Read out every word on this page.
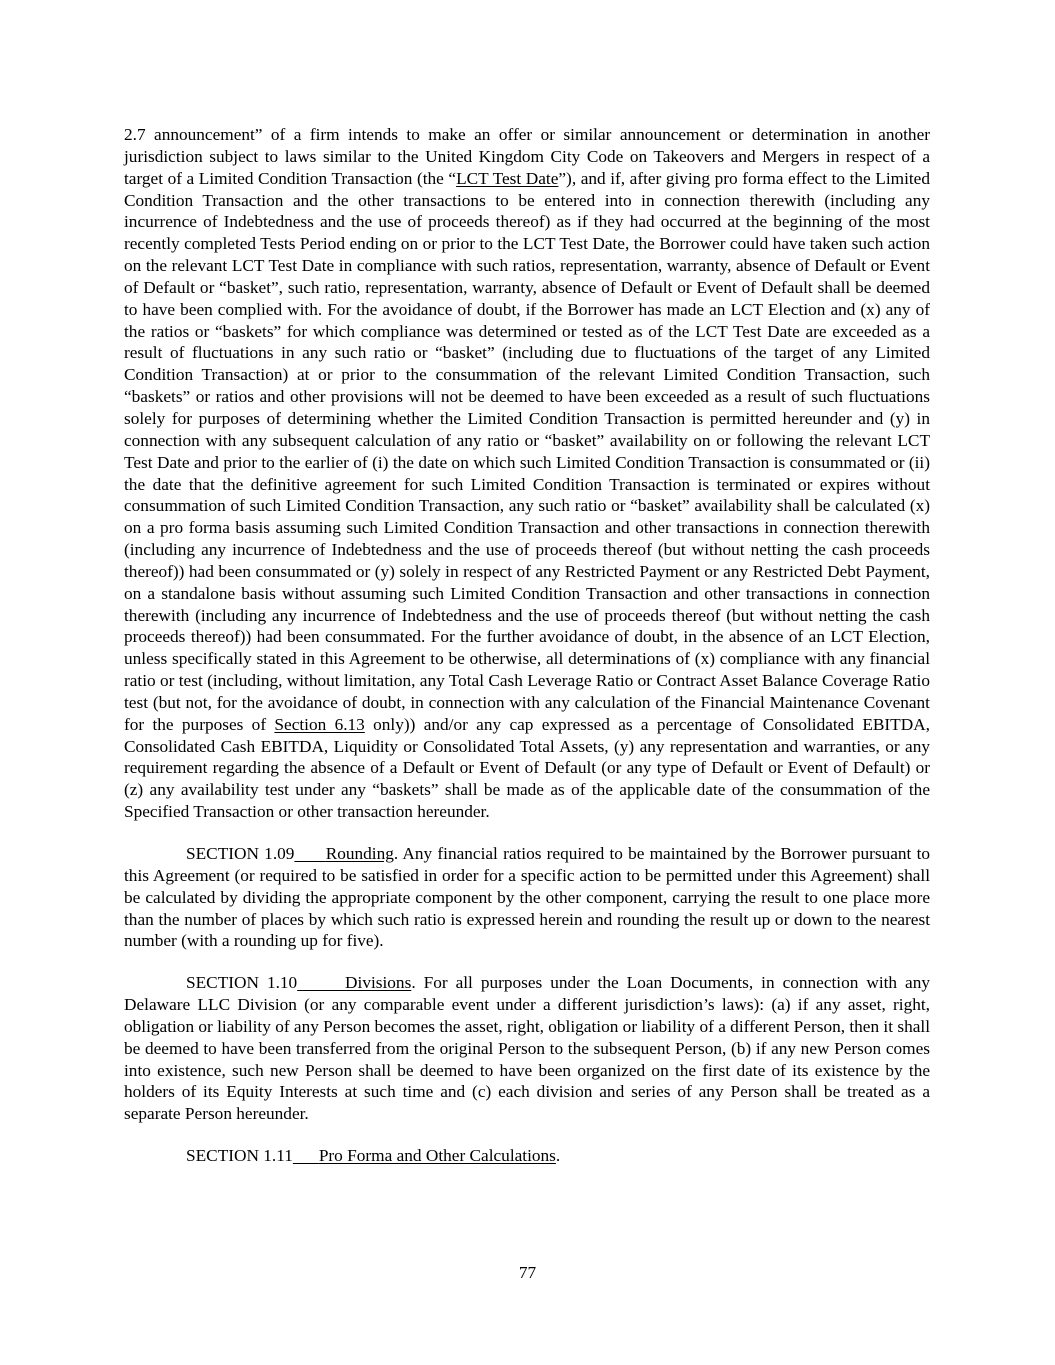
2.7 announcement” of a firm intends to make an offer or similar announcement or determination in another jurisdiction subject to laws similar to the United Kingdom City Code on Takeovers and Mergers in respect of a target of a Limited Condition Transaction (the “LCT Test Date”), and if, after giving pro forma effect to the Limited Condition Transaction and the other transactions to be entered into in connection therewith (including any incurrence of Indebtedness and the use of proceeds thereof) as if they had occurred at the beginning of the most recently completed Tests Period ending on or prior to the LCT Test Date, the Borrower could have taken such action on the relevant LCT Test Date in compliance with such ratios, representation, warranty, absence of Default or Event of Default or “basket”, such ratio, representation, warranty, absence of Default or Event of Default shall be deemed to have been complied with. For the avoidance of doubt, if the Borrower has made an LCT Election and (x) any of the ratios or “baskets” for which compliance was determined or tested as of the LCT Test Date are exceeded as a result of fluctuations in any such ratio or “basket” (including due to fluctuations of the target of any Limited Condition Transaction) at or prior to the consummation of the relevant Limited Condition Transaction, such “baskets” or ratios and other provisions will not be deemed to have been exceeded as a result of such fluctuations solely for purposes of determining whether the Limited Condition Transaction is permitted hereunder and (y) in connection with any subsequent calculation of any ratio or “basket” availability on or following the relevant LCT Test Date and prior to the earlier of (i) the date on which such Limited Condition Transaction is consummated or (ii) the date that the definitive agreement for such Limited Condition Transaction is terminated or expires without consummation of such Limited Condition Transaction, any such ratio or “basket” availability shall be calculated (x) on a pro forma basis assuming such Limited Condition Transaction and other transactions in connection therewith (including any incurrence of Indebtedness and the use of proceeds thereof (but without netting the cash proceeds thereof)) had been consummated or (y) solely in respect of any Restricted Payment or any Restricted Debt Payment, on a standalone basis without assuming such Limited Condition Transaction and other transactions in connection therewith (including any incurrence of Indebtedness and the use of proceeds thereof (but without netting the cash proceeds thereof)) had been consummated. For the further avoidance of doubt, in the absence of an LCT Election, unless specifically stated in this Agreement to be otherwise, all determinations of (x) compliance with any financial ratio or test (including, without limitation, any Total Cash Leverage Ratio or Contract Asset Balance Coverage Ratio test (but not, for the avoidance of doubt, in connection with any calculation of the Financial Maintenance Covenant for the purposes of Section 6.13 only)) and/or any cap expressed as a percentage of Consolidated EBITDA, Consolidated Cash EBITDA, Liquidity or Consolidated Total Assets, (y) any representation and warranties, or any requirement regarding the absence of a Default or Event of Default (or any type of Default or Event of Default) or (z) any availability test under any “baskets” shall be made as of the applicable date of the consummation of the Specified Transaction or other transaction hereunder.

SECTION 1.09 Rounding. Any financial ratios required to be maintained by the Borrower pursuant to this Agreement (or required to be satisfied in order for a specific action to be permitted under this Agreement) shall be calculated by dividing the appropriate component by the other component, carrying the result to one place more than the number of places by which such ratio is expressed herein and rounding the result up or down to the nearest number (with a rounding up for five).

SECTION 1.10	Divisions. For all purposes under the Loan Documents, in connection with any Delaware LLC Division (or any comparable event under a different jurisdiction’s laws): (a) if any asset, right, obligation or liability of any Person becomes the asset, right, obligation or liability of a different Person, then it shall be deemed to have been transferred from the original Person to the subsequent Person, (b) if any new Person comes into existence, such new Person shall be deemed to have been organized on the first date of its existence by the holders of its Equity Interests at such time and (c) each division and series of any Person shall be treated as a separate Person hereunder.

SECTION 1.11 Pro Forma and Other Calculations.

77
